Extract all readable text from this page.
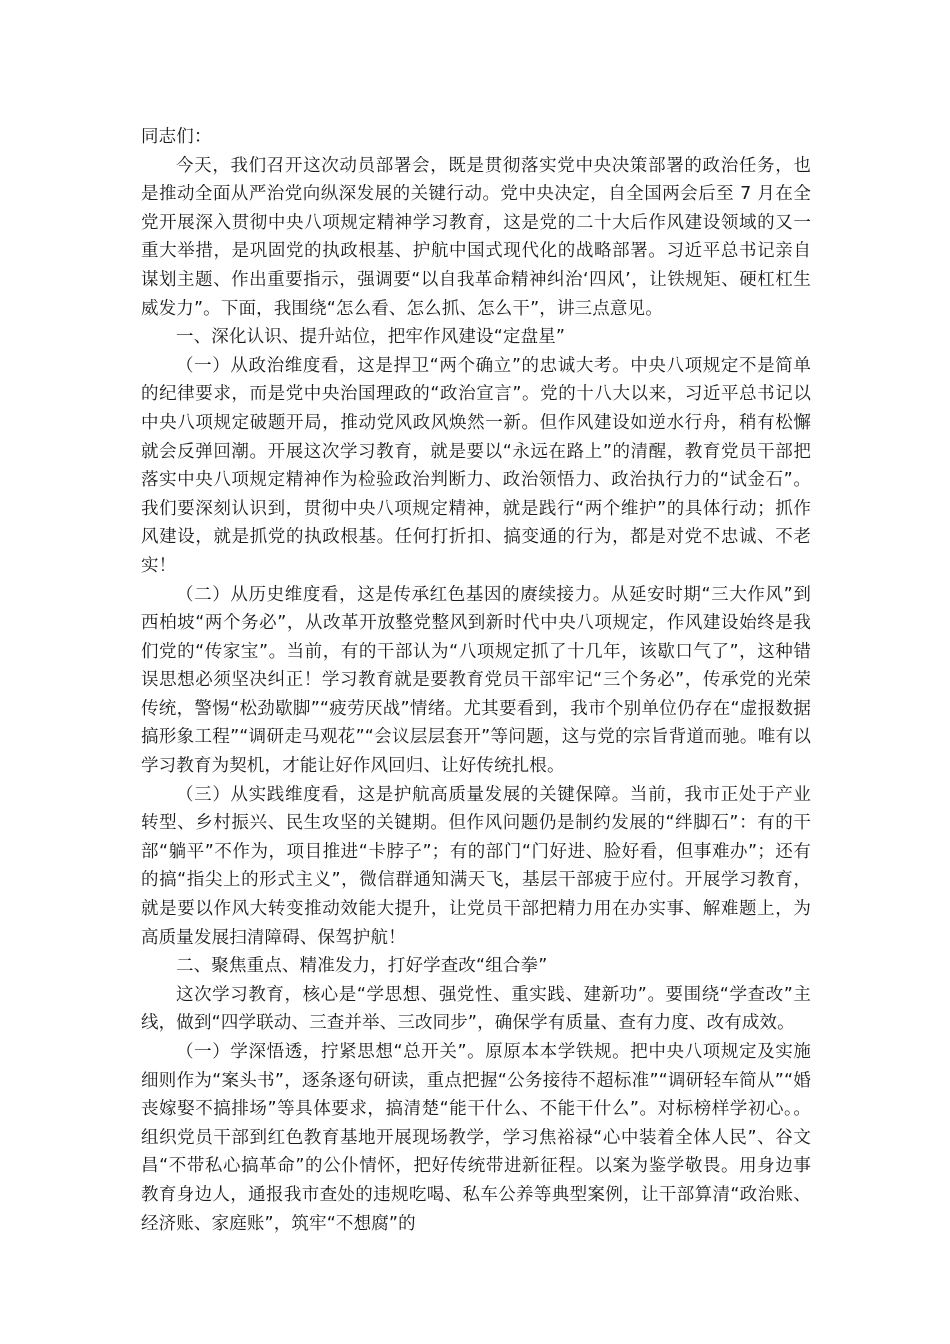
同志们：

今天，我们召开这次动员部署会，既是贯彻落实党中央决策部署的政治任务，也是推动全面从严治党向纵深发展的关键行动。党中央决定，自全国两会后至 7 月在全党开展深入贯彻中央八项规定精神学习教育，这是党的二十大后作风建设领域的又一重大举措，是巩固党的执政根基、护航中国式现代化的战略部署。习近平总书记亲自谋划主题、作出重要指示，强调要“以自我革命精神纠治‘四风’，让铁规矩、硬杠杠生威发力”。下面，我围绕“怎么看、怎么抓、怎么干”，讲三点意见。

一、深化认识、提升站位，把牢作风建设“定盘星”

（一）从政治维度看，这是捍卫“两个确立”的忠诚大考。中央八项规定不是简单的纪律要求，而是党中央治国理政的“政治宣言”。党的十八大以来，习近平总书记以中央八项规定破题开局，推动党风政风焕然一新。但作风建设如逆水行舟，稍有松懈就会反弹回潮。开展这次学习教育，就是要以“永远在路上”的清醒，教育党员干部把落实中央八项规定精神作为检验政治判断力、政治领悟力、政治执行力的“试金石”。我们要深刻认识到，贯彻中央八项规定精神，就是践行“两个维护”的具体行动；抓作风建设，就是抓党的执政根基。任何打折扣、搞变通的行为，都是对党不忠诚、不老实！

（二）从历史维度看，这是传承红色基因的赓续接力。从延安时期“三大作风”到西柏坡“两个务必”，从改革开放整党整风到新时代中央八项规定，作风建设始终是我们党的“传家宝”。当前，有的干部认为“八项规定抓了十几年，该歇口气了”，这种错误思想必须坚决纠正！学习教育就是要教育党员干部牢记“三个务必”，传承党的光荣传统，警惕“松劲歇脚”“疲劳厌战”情绪。尤其要看到，我市个别单位仍存在“虚报数据搞形象工程”“调研走马观花”“会议层层套开”等问题，这与党的宗旨背道而驰。唯有以学习教育为契机，才能让好作风回归、让好传统扎根。

（三）从实践维度看，这是护航高质量发展的关键保障。当前，我市正处于产业转型、乡村振兴、民生攻坚的关键期。但作风问题仍是制约发展的“绊脚石”：有的干部“躺平”不作为，项目推进“卡脖子”；有的部门“门好进、脸好看，但事难办”；还有的搞“指尖上的形式主义”，微信群通知满天飞，基层干部疲于应付。开展学习教育，就是要以作风大转变推动效能大提升，让党员干部把精力用在办实事、解难题上，为高质量发展扫清障碍、保驾护航！

二、聚焦重点、精准发力，打好学查改“组合拳”

这次学习教育，核心是“学思想、强党性、重实践、建新功”。要围绕“学查改”主线，做到“四学联动、三查并举、三改同步”，确保学有质量、查有力度、改有成效。

（一）学深悟透，拧紧思想“总开关”。原原本本学铁规。把中央八项规定及实施细则作为“案头书”，逐条逐句研读，重点把握“公务接待不超标准”“调研轻车简从”“婚丧嫁娶不搞排场”等具体要求，搞清楚“能干什么、不能干什么”。对标榜样学初心。。组织党员干部到红色教育基地开展现场教学，学习焦裕禄“心中装着全体人民”、谷文昌“不带私心搞革命”的公仆情怀，把好传统带进新征程。以案为鉴学敬畏。用身边事教育身边人，通报我市查处的违规吃喝、私车公养等典型案例，让干部算清“政治账、经济账、家庭账”，筑牢“不想腐”的
